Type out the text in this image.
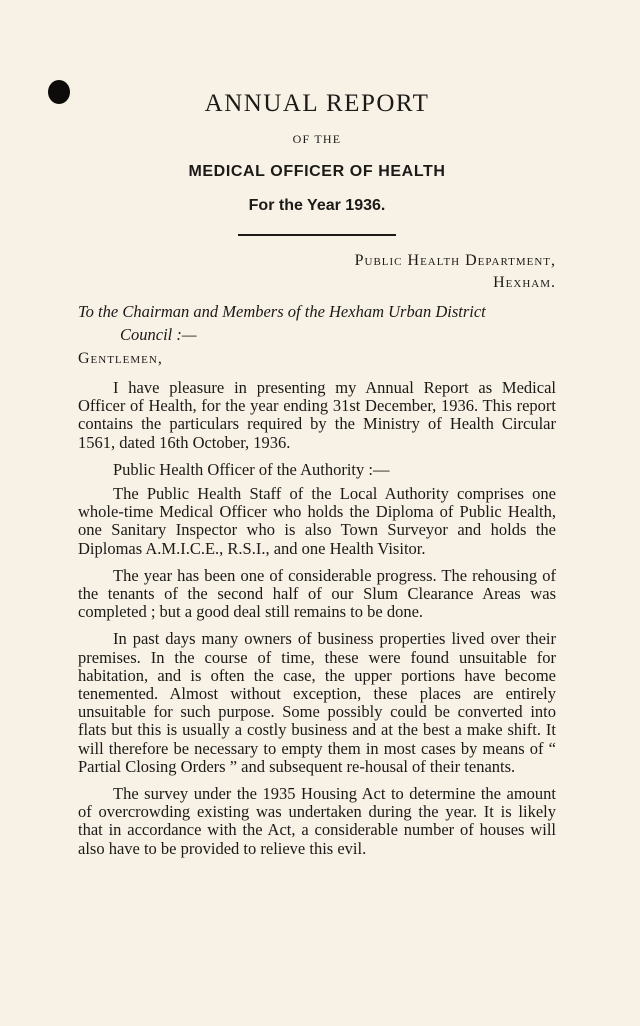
ANNUAL REPORT
OF THE
MEDICAL OFFICER OF HEALTH
For the Year 1936.
Public Health Department,
Hexham.
To the Chairman and Members of the Hexham Urban District
Council :—
Gentlemen,

I have pleasure in presenting my Annual Report as Medical Officer of Health, for the year ending 31st December, 1936. This report contains the particulars required by the Ministry of Health Circular 1561, dated 16th October, 1936.

Public Health Officer of the Authority :—

The Public Health Staff of the Local Authority comprises one whole-time Medical Officer who holds the Diploma of Public Health, one Sanitary Inspector who is also Town Surveyor and holds the Diplomas A.M.I.C.E., R.S.I., and one Health Visitor.

The year has been one of considerable progress. The rehousing of the tenants of the second half of our Slum Clearance Areas was completed ; but a good deal still remains to be done.

In past days many owners of business properties lived over their premises. In the course of time, these were found unsuitable for habitation, and is often the case, the upper portions have become tenemented. Almost without exception, these places are entirely unsuitable for such purpose. Some possibly could be converted into flats but this is usually a costly business and at the best a make shift. It will therefore be necessary to empty them in most cases by means of “ Partial Closing Orders ” and subsequent re-housal of their tenants.

The survey under the 1935 Housing Act to determine the amount of overcrowding existing was undertaken during the year. It is likely that in accordance with the Act, a considerable number of houses will also have to be provided to relieve this evil.
